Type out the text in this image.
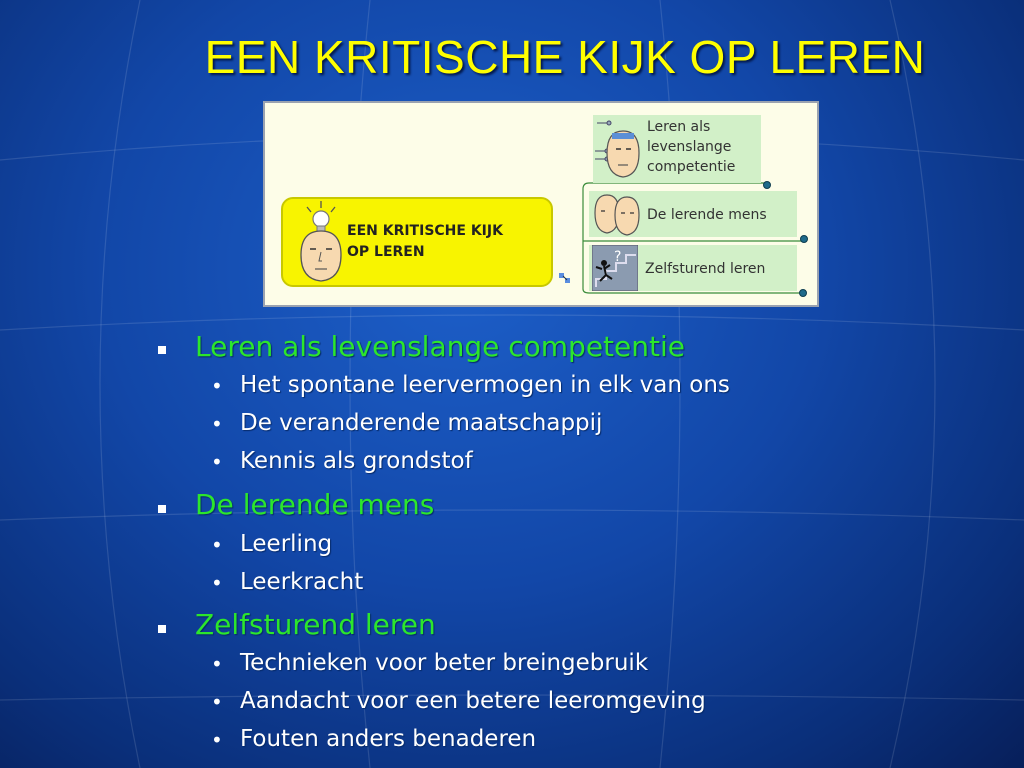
EEN KRITISCHE KIJK OP LEREN
EEN KRITISCHE KIJK
OP LEREN
Leren als
levenslange
competentie
De lerende mens
?
Zelfsturend leren
Leren als levenslange competentie
• Het spontane leervermogen in elk van ons
• De veranderende maatschappij
• Kennis als grondstof
De lerende mens
• Leerling
• Leerkracht
Zelfsturend leren
• Technieken voor beter breingebruik
• Aandacht voor een betere leeromgeving
• Fouten anders benaderen
